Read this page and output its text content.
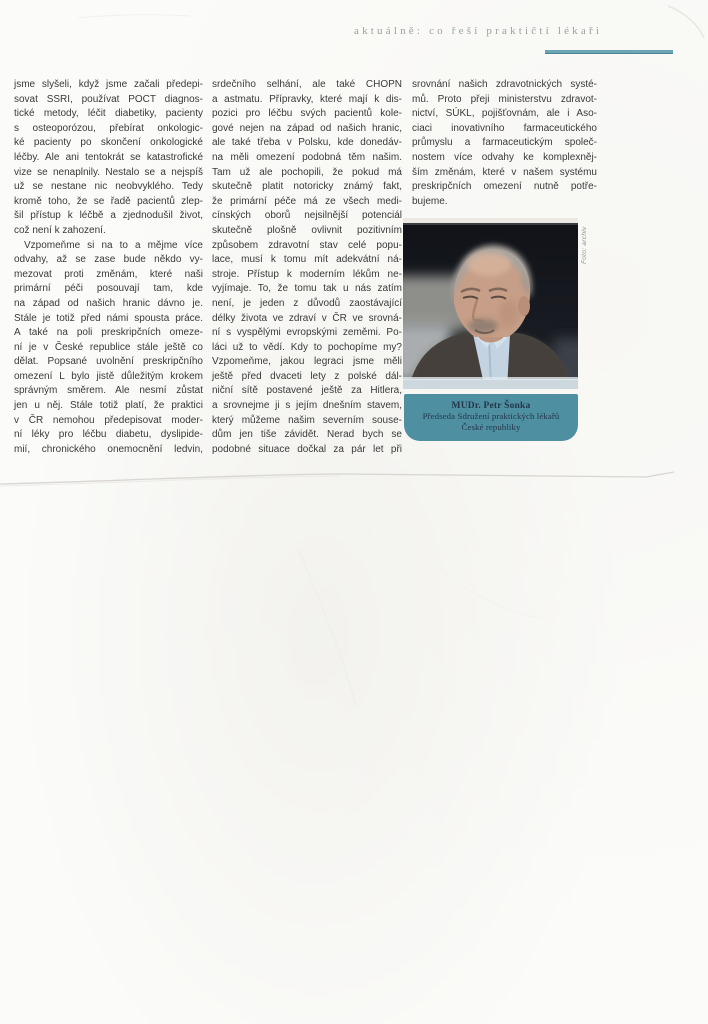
aktuálně: co řeší praktičtí lékaři
jsme slyšeli, když jsme začali předepi-
sovat SSRI, používat POCT diagnos-
tické metody, léčit diabetiky, pacienty
s osteoporózou, přebírat onkologic-
ké pacienty po skončení onkologické
léčby. Ale ani tentokrát se katastrofické
vize se nenaplnily. Nestalo se a nejspíš
už se nestane nic neobvyklého. Tedy
kromě toho, že se řadě pacientů zlep-
šil přístup k léčbě a zjednodušil život,
což není k zahození.
Vzpomeňme si na to a mějme více
odvahy, až se zase bude někdo vy-
mezovat proti změnám, které naši
primární péči posouvají tam, kde
na západ od našich hranic dávno je.
Stále je totiž před námi spousta práce.
A také na poli preskripčních omeze-
ní je v České republice stále ještě co
dělat. Popsané uvolnění preskripčního
omezení L bylo jistě důležitým krokem
správným směrem. Ale nesmí zůstat
jen u něj. Stále totiž platí, že praktici
v ČR nemohou předepisovat moder-
ní léky pro léčbu diabetu, dyslipide-
mií, chronického onemocnění ledvin,
srdečního selhání, ale také CHOPN
a astmatu. Přípravky, které mají k dis-
pozici pro léčbu svých pacientů kole-
gové nejen na západ od našich hranic,
ale také třeba v Polsku, kde donedáv-
na měli omezení podobná těm našim.
Tam už ale pochopili, že pokud má
skutečně platit notoricky známý fakt,
že primární péče má ze všech medi-
cínských oborů nejsilnější potenciál
skutečně plošně ovlivnit pozitivním
způsobem zdravotní stav celé popu-
lace, musí k tomu mít adekvátní ná-
stroje. Přístup k moderním lékům ne-
vyjímaje. To, že tomu tak u nás zatím
není, je jeden z důvodů zaostávající
délky života ve zdraví v ČR ve srovná-
ní s vyspělými evropskými zeměmi. Po-
láci už to vědí. Kdy to pochopíme my?
Vzpomeňme, jakou legraci jsme měli
ještě před dvaceti lety z polské dál-
niční sítě postavené ještě za Hitlera,
a srovnejme ji s jejím dnešním stavem,
který můžeme našim severním souse-
dům jen tiše závidět. Nerad bych se
podobné situace dočkal za pár let při
srovnání našich zdravotnických systé-
mů. Proto přeji ministerstvu zdravot-
nictví, SÚKL, pojišťovnám, ale i Aso-
ciaci inovativního farmaceutického
průmyslu a farmaceutickým společ-
nostem více odvahy ke komplexněj-
ším změnám, které v našem systému
preskripčních omezení nutně potře-
bujeme.
Foto: archiv
MUDr. Petr Šonka
Předseda Sdružení praktických lékařů
České republiky
